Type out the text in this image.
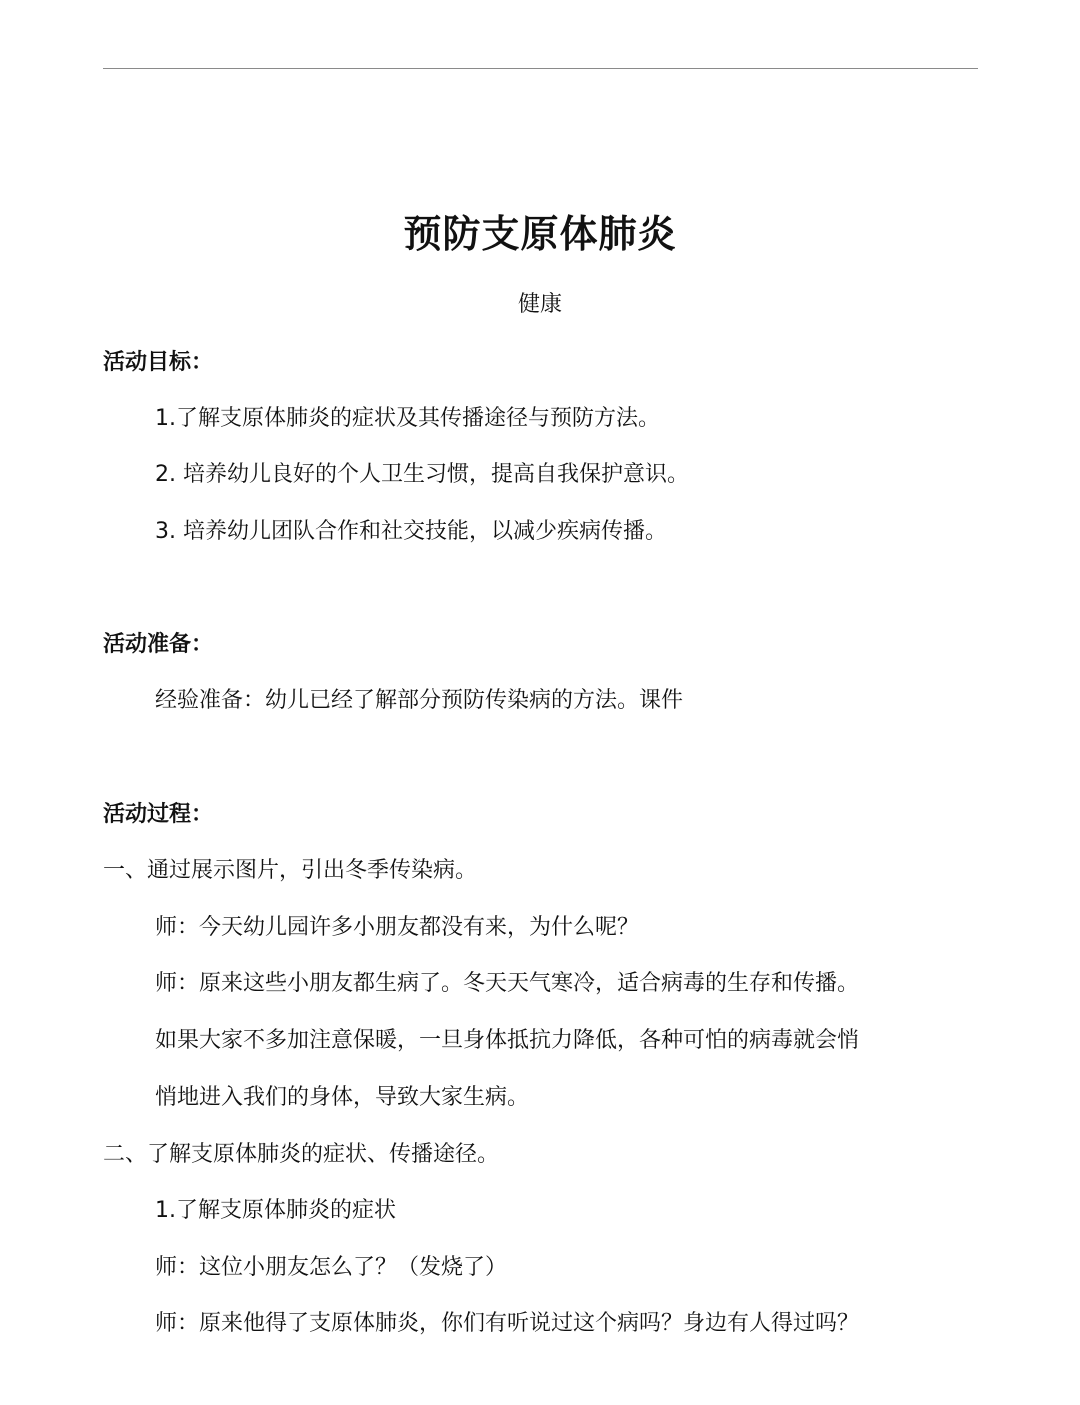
预防支原体肺炎
健康
活动目标：
1.了解支原体肺炎的症状及其传播途径与预防方法。
2. 培养幼儿良好的个人卫生习惯，提高自我保护意识。
3. 培养幼儿团队合作和社交技能，以减少疾病传播。
活动准备：
经验准备：幼儿已经了解部分预防传染病的方法。课件
活动过程：
一、通过展示图片，引出冬季传染病。
师：今天幼儿园许多小朋友都没有来，为什么呢？
师：原来这些小朋友都生病了。冬天天气寒冷，适合病毒的生存和传播。
如果大家不多加注意保暖，一旦身体抵抗力降低，各种可怕的病毒就会悄
悄地进入我们的身体，导致大家生病。
二、了解支原体肺炎的症状、传播途径。
1.了解支原体肺炎的症状
师：这位小朋友怎么了？（发烧了）
师：原来他得了支原体肺炎，你们有听说过这个病吗？身边有人得过吗？
